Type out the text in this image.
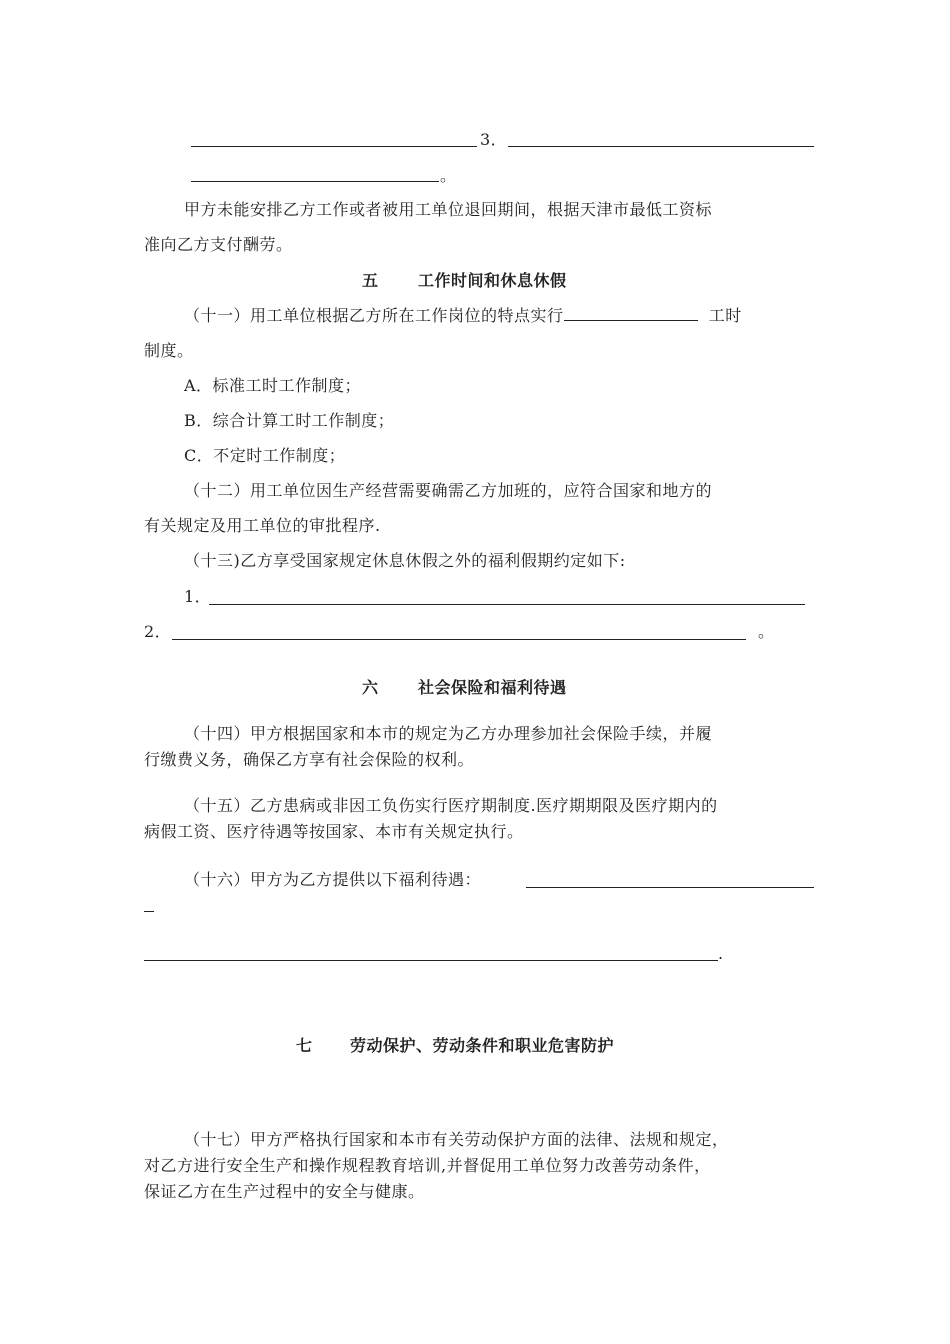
3．
。
甲方未能安排乙方工作或者被用工单位退回期间，根据天津市最低工资标
准向乙方支付酬劳。
五 工作时间和休息休假
（十一）用工单位根据乙方所在工作岗位的特点实行	工时
制度。
A．标准工时工作制度；
B．综合计算工时工作制度；
C．不定时工作制度；
（十二）用工单位因生产经营需要确需乙方加班的，应符合国家和地方的
有关规定及用工单位的审批程序.
（十三)乙方享受国家规定休息休假之外的福利假期约定如下:
1．
2．	。
六 社会保险和福利待遇
（十四）甲方根据国家和本市的规定为乙方办理参加社会保险手续，并履
行缴费义务，确保乙方享有社会保险的权利。
（十五）乙方患病或非因工负伤实行医疗期制度.医疗期期限及医疗期内的
病假工资、医疗待遇等按国家、本市有关规定执行。
（十六）甲方为乙方提供以下福利待遇：
.
七 劳动保护、劳动条件和职业危害防护
（十七）甲方严格执行国家和本市有关劳动保护方面的法律、法规和规定，
对乙方进行安全生产和操作规程教育培训,并督促用工单位努力改善劳动条件，
保证乙方在生产过程中的安全与健康。
